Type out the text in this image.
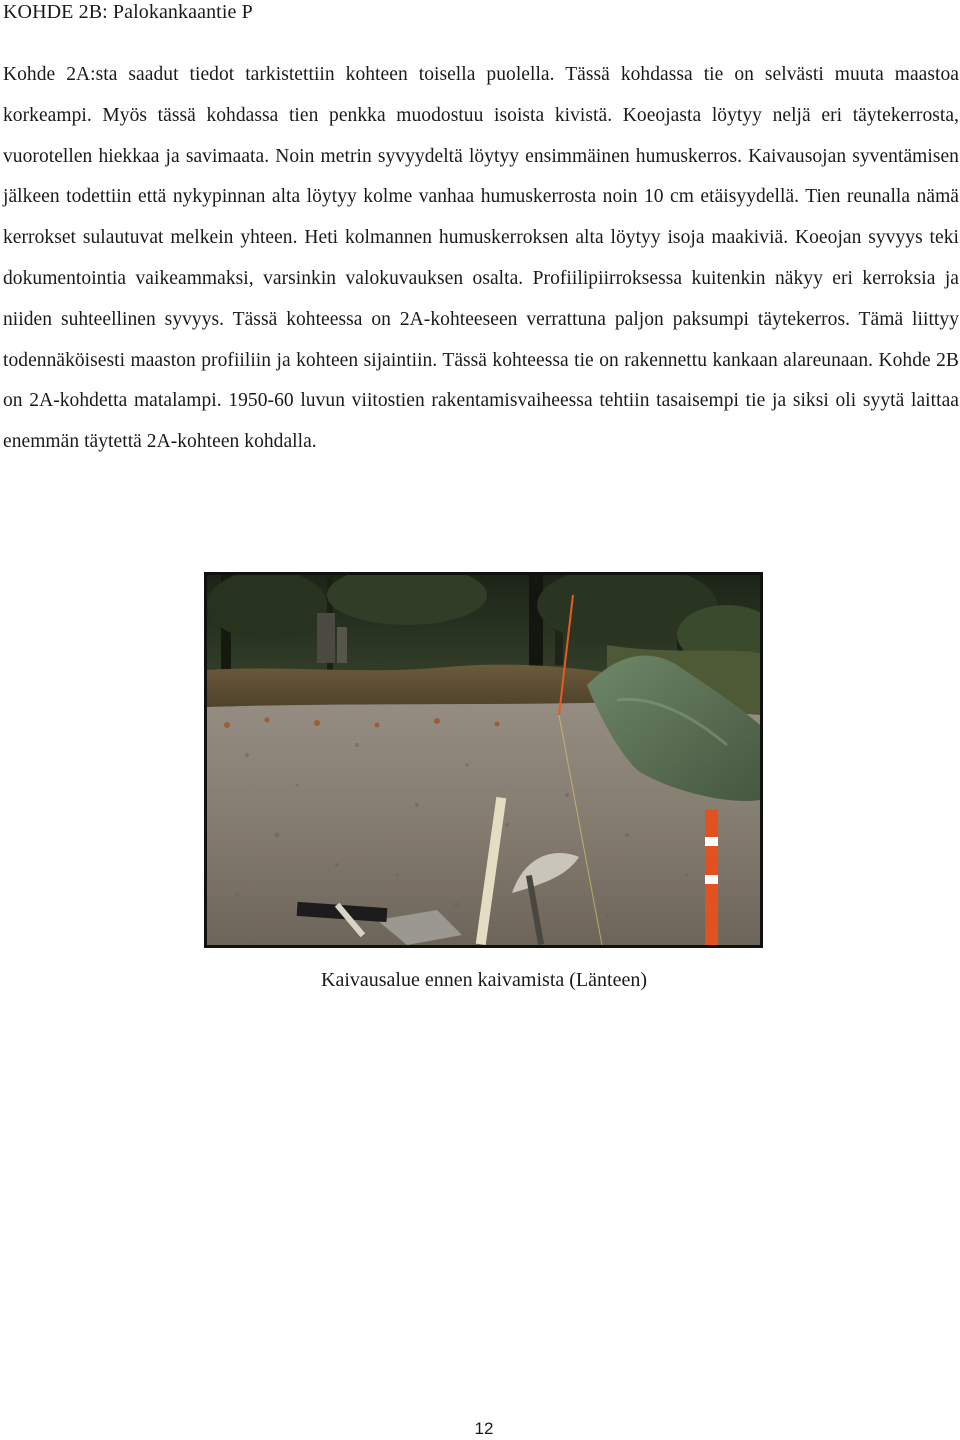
KOHDE 2B: Palokankaantie P

Kohde 2A:sta saadut tiedot tarkistettiin kohteen toisella puolella. Tässä kohdassa tie on selvästi muuta maastoa korkeampi. Myös tässä kohdassa tien penkka muodostuu isoista kivistä. Koeojasta löytyy neljä eri täytekerrosta, vuorotellen hiekkaa ja savimaata. Noin metrin syvyydeltä löytyy ensimmäinen humuskerros. Kaivausojan syventämisen jälkeen todettiin että nykypinnan alta löytyy kolme vanhaa humuskerrosta noin 10 cm etäisyydellä. Tien reunalla nämä kerrokset sulautuvat melkein yhteen. Heti kolmannen humuskerroksen alta löytyy isoja maakiviä. Koeojan syvyys teki dokumentointia vaikeammaksi, varsinkin valokuvauksen osalta. Profiilipiirroksessa kuitenkin näkyy eri kerroksia ja niiden suhteellinen syvyys. Tässä kohteessa on 2A-kohteeseen verrattuna paljon paksumpi täytekerros. Tämä liittyy todennäköisesti maaston profiiliin ja kohteen sijaintiin. Tässä kohteessa tie on rakennettu kankaan alareunaan. Kohde 2B on 2A-kohdetta matalampi. 1950-60 luvun viitostien rakentamisvaiheessa tehtiin tasaisempi tie ja siksi oli syytä laittaa enemmän täytettä 2A-kohteen kohdalla.

Kaivausalue ennen kaivamista (Länteen)

12
